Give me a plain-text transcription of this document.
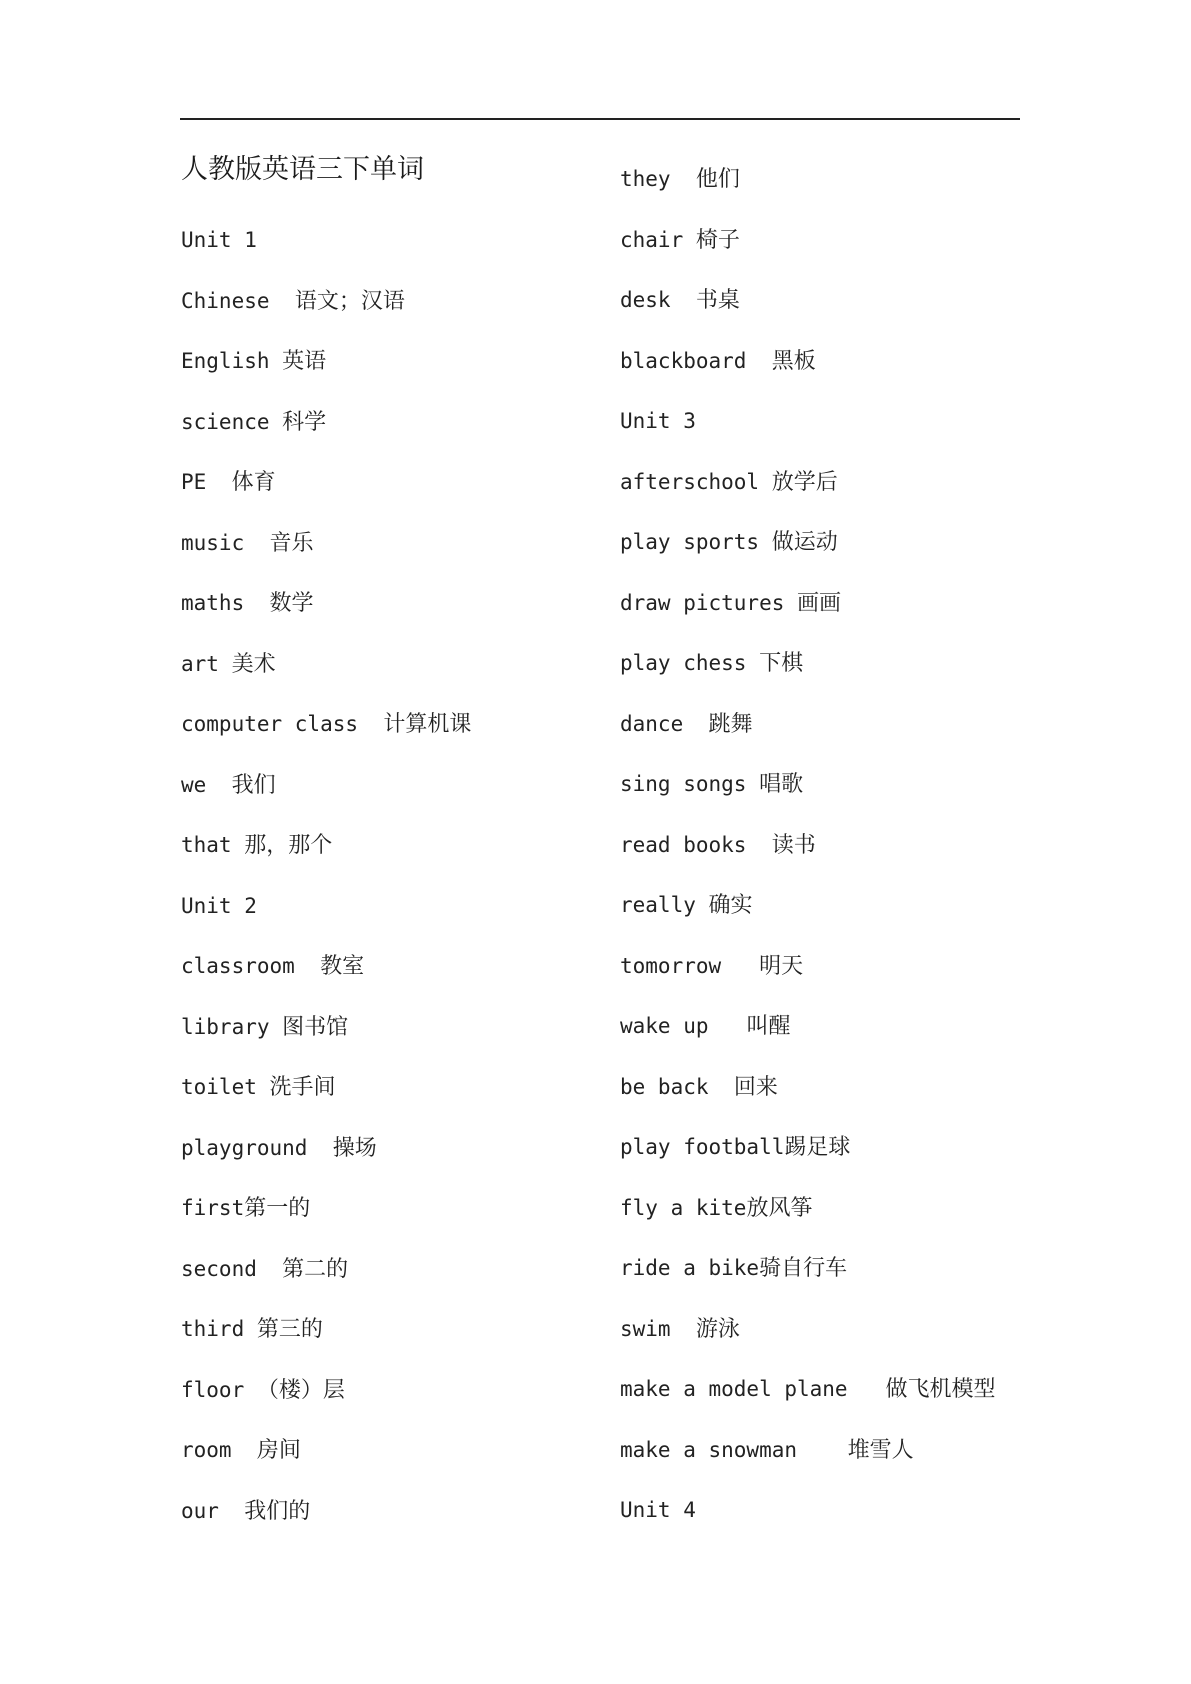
人教版英语三下单词
Unit 1
Chinese 语文；汉语
English 英语
science 科学
PE 体育
music 音乐
maths 数学
art 美术
computer class 计算机课
we 我们
that 那，那个
Unit 2
classroom 教室
library 图书馆
toilet 洗手间
playground 操场
first第一的
second 第二的
third 第三的
floor （楼）层
room 房间
our 我们的
they 他们
chair 椅子
desk 书桌
blackboard 黑板
Unit 3
afterschool 放学后
play sports 做运动
draw pictures 画画
play chess 下棋
dance 跳舞
sing songs 唱歌
read books 读书
really 确实
tomorrow 明天
wake up 叫醒
be back 回来
play football踢足球
fly a kite放风筝
ride a bike骑自行车
swim 游泳
make a model plane 做飞机模型
make a snowman 堆雪人
Unit 4
